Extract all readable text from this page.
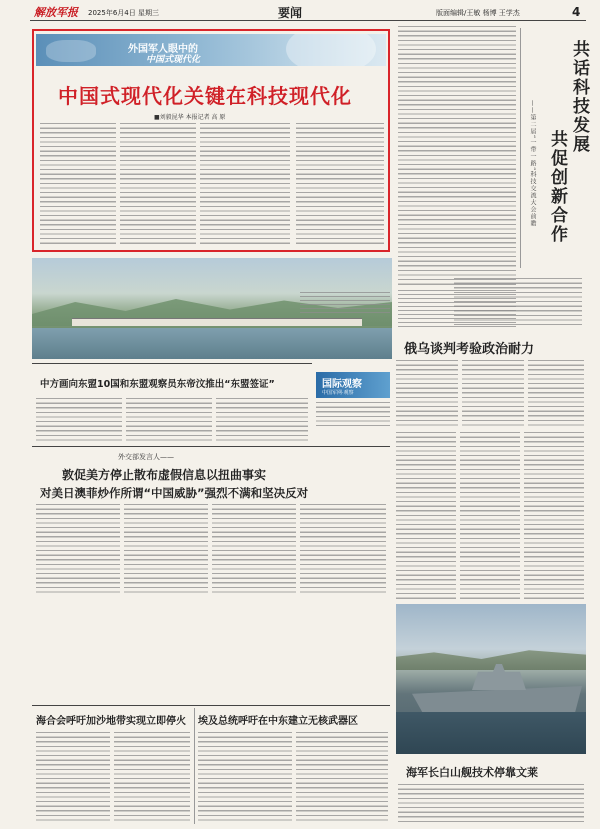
解放军报 2025年6月4日 星期三	要闻	版面编辑/王敏 杨博 王学杰	4
外国军人眼中的
中国式现代化
中国式现代化关键在科技现代化
■刘毅昆华 本报记者 高 原	共话科技发展
共促创新合作
——第二届“一带一路”科技交流大会前瞻
俄乌谈判考验政治耐力
国际观察
中国军网·观察
中方画向东盟10国和东盟观察员东帝汶推出“东盟签证”
外交部发言人——
敦促美方停止散布虚假信息以扭曲事实
对美日澳菲炒作所谓“中国威胁”强烈不满和坚决反对
海合会呼吁加沙地带实现立即停火 埃及总统呼吁在中东建立无核武器区
海军长白山舰技术停靠文莱
